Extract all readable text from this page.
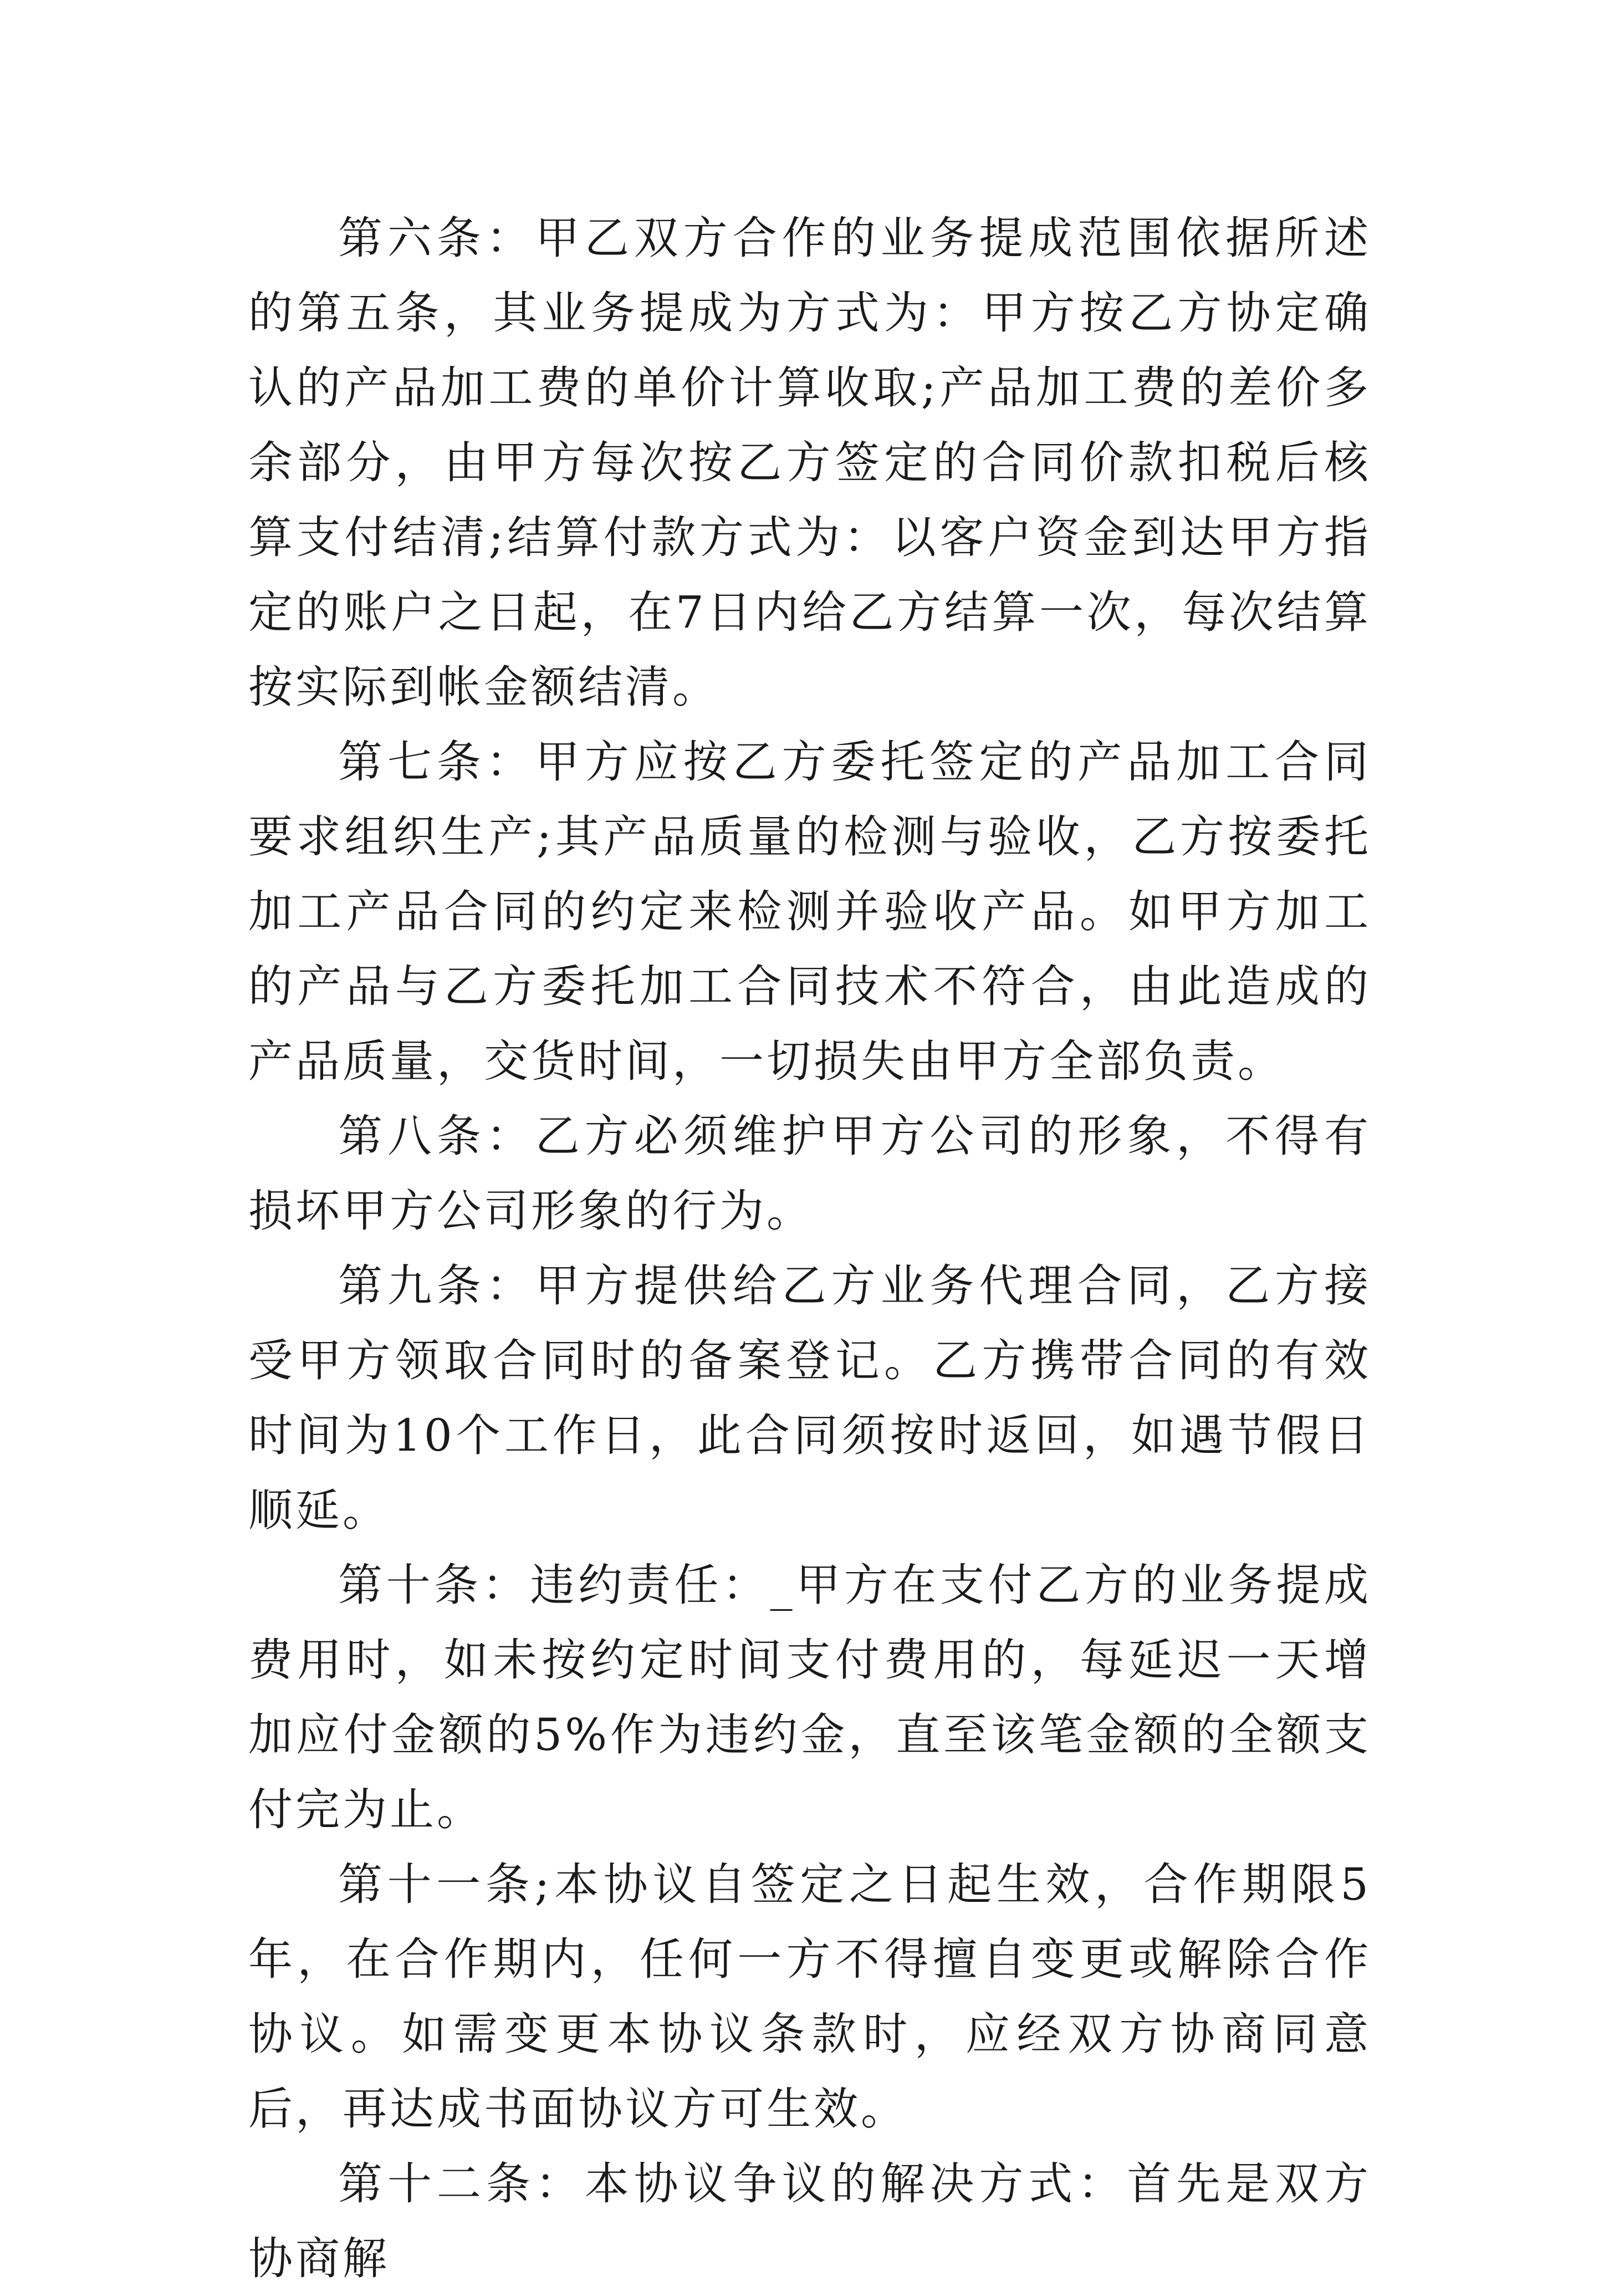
第六条：甲乙双方合作的业务提成范围依据所述的第五条，其业务提成为方式为：甲方按乙方协定确认的产品加工费的单价计算收取;产品加工费的差价多余部分，由甲方每次按乙方签定的合同价款扣税后核算支付结清;结算付款方式为：以客户资金到达甲方指定的账户之日起，在7日内给乙方结算一次，每次结算按实际到帐金额结清。

第七条：甲方应按乙方委托签定的产品加工合同要求组织生产;其产品质量的检测与验收，乙方按委托加工产品合同的约定来检测并验收产品。如甲方加工的产品与乙方委托加工合同技术不符合，由此造成的产品质量，交货时间，一切损失由甲方全部负责。

第八条：乙方必须维护甲方公司的形象，不得有损坏甲方公司形象的行为。

第九条：甲方提供给乙方业务代理合同，乙方接受甲方领取合同时的备案登记。乙方携带合同的有效时间为10个工作日，此合同须按时返回，如遇节假日顺延。

第十条：违约责任：_甲方在支付乙方的业务提成费用时，如未按约定时间支付费用的，每延迟一天增加应付金额的5%作为违约金，直至该笔金额的全额支付完为止。

第十一条;本协议自签定之日起生效，合作期限5年，在合作期内，任何一方不得擅自变更或解除合作协议。如需变更本协议条款时，应经双方协商同意后，再达成书面协议方可生效。

第十二条：本协议争议的解决方式：首先是双方协商解
